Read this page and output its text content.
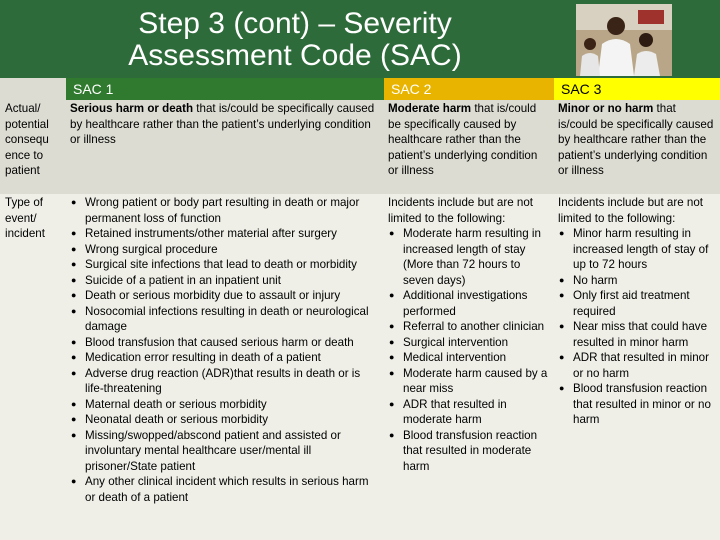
Step 3 (cont) – Severity Assessment Code (SAC)
SAC 1	SAC 2	SAC 3
Actual/ potential consequ ence to patient
Serious harm or death that is/could be specifically caused by healthcare rather than the patient’s underlying condition or illness
Moderate harm that is/could be specifically caused by healthcare rather than the patient’s underlying condition or illness
Minor or no harm that is/could be specifically caused by healthcare rather than the patient’s underlying condition or illness
Type of event/ incident
● Wrong patient or body part resulting in death or major permanent loss of function
● Retained instruments/other material after surgery
● Wrong surgical procedure
● Surgical site infections that lead to death or morbidity
● Suicide of a patient in an inpatient unit
● Death or serious morbidity due to assault or injury
● Nosocomial infections resulting in death or neurological damage
● Blood transfusion that caused serious harm or death
● Medication error resulting in death of a patient
● Adverse drug reaction (ADR)that results in death or is life-threatening
● Maternal death or serious morbidity
● Neonatal death or serious morbidity
● Missing/swopped/abscond patient and assisted or involuntary mental healthcare user/mental ill prisoner/State patient
● Any other clinical incident which results in serious harm or death of a patient
Incidents include but are not limited to the following:
● Moderate harm resulting in increased length of stay (More than 72 hours to seven days)
● Additional investigations performed
● Referral to another clinician
● Surgical intervention
● Medical intervention
● Moderate harm caused by a near miss
● ADR that resulted in moderate harm
● Blood transfusion reaction that resulted in moderate harm
Incidents include but are not limited to the following:
● Minor harm resulting in increased length of stay of up to 72 hours
● No harm
● Only first aid treatment required
● Near miss that could have resulted in minor harm
● ADR that resulted in minor or no harm
● Blood transfusion reaction that resulted in minor or no harm
